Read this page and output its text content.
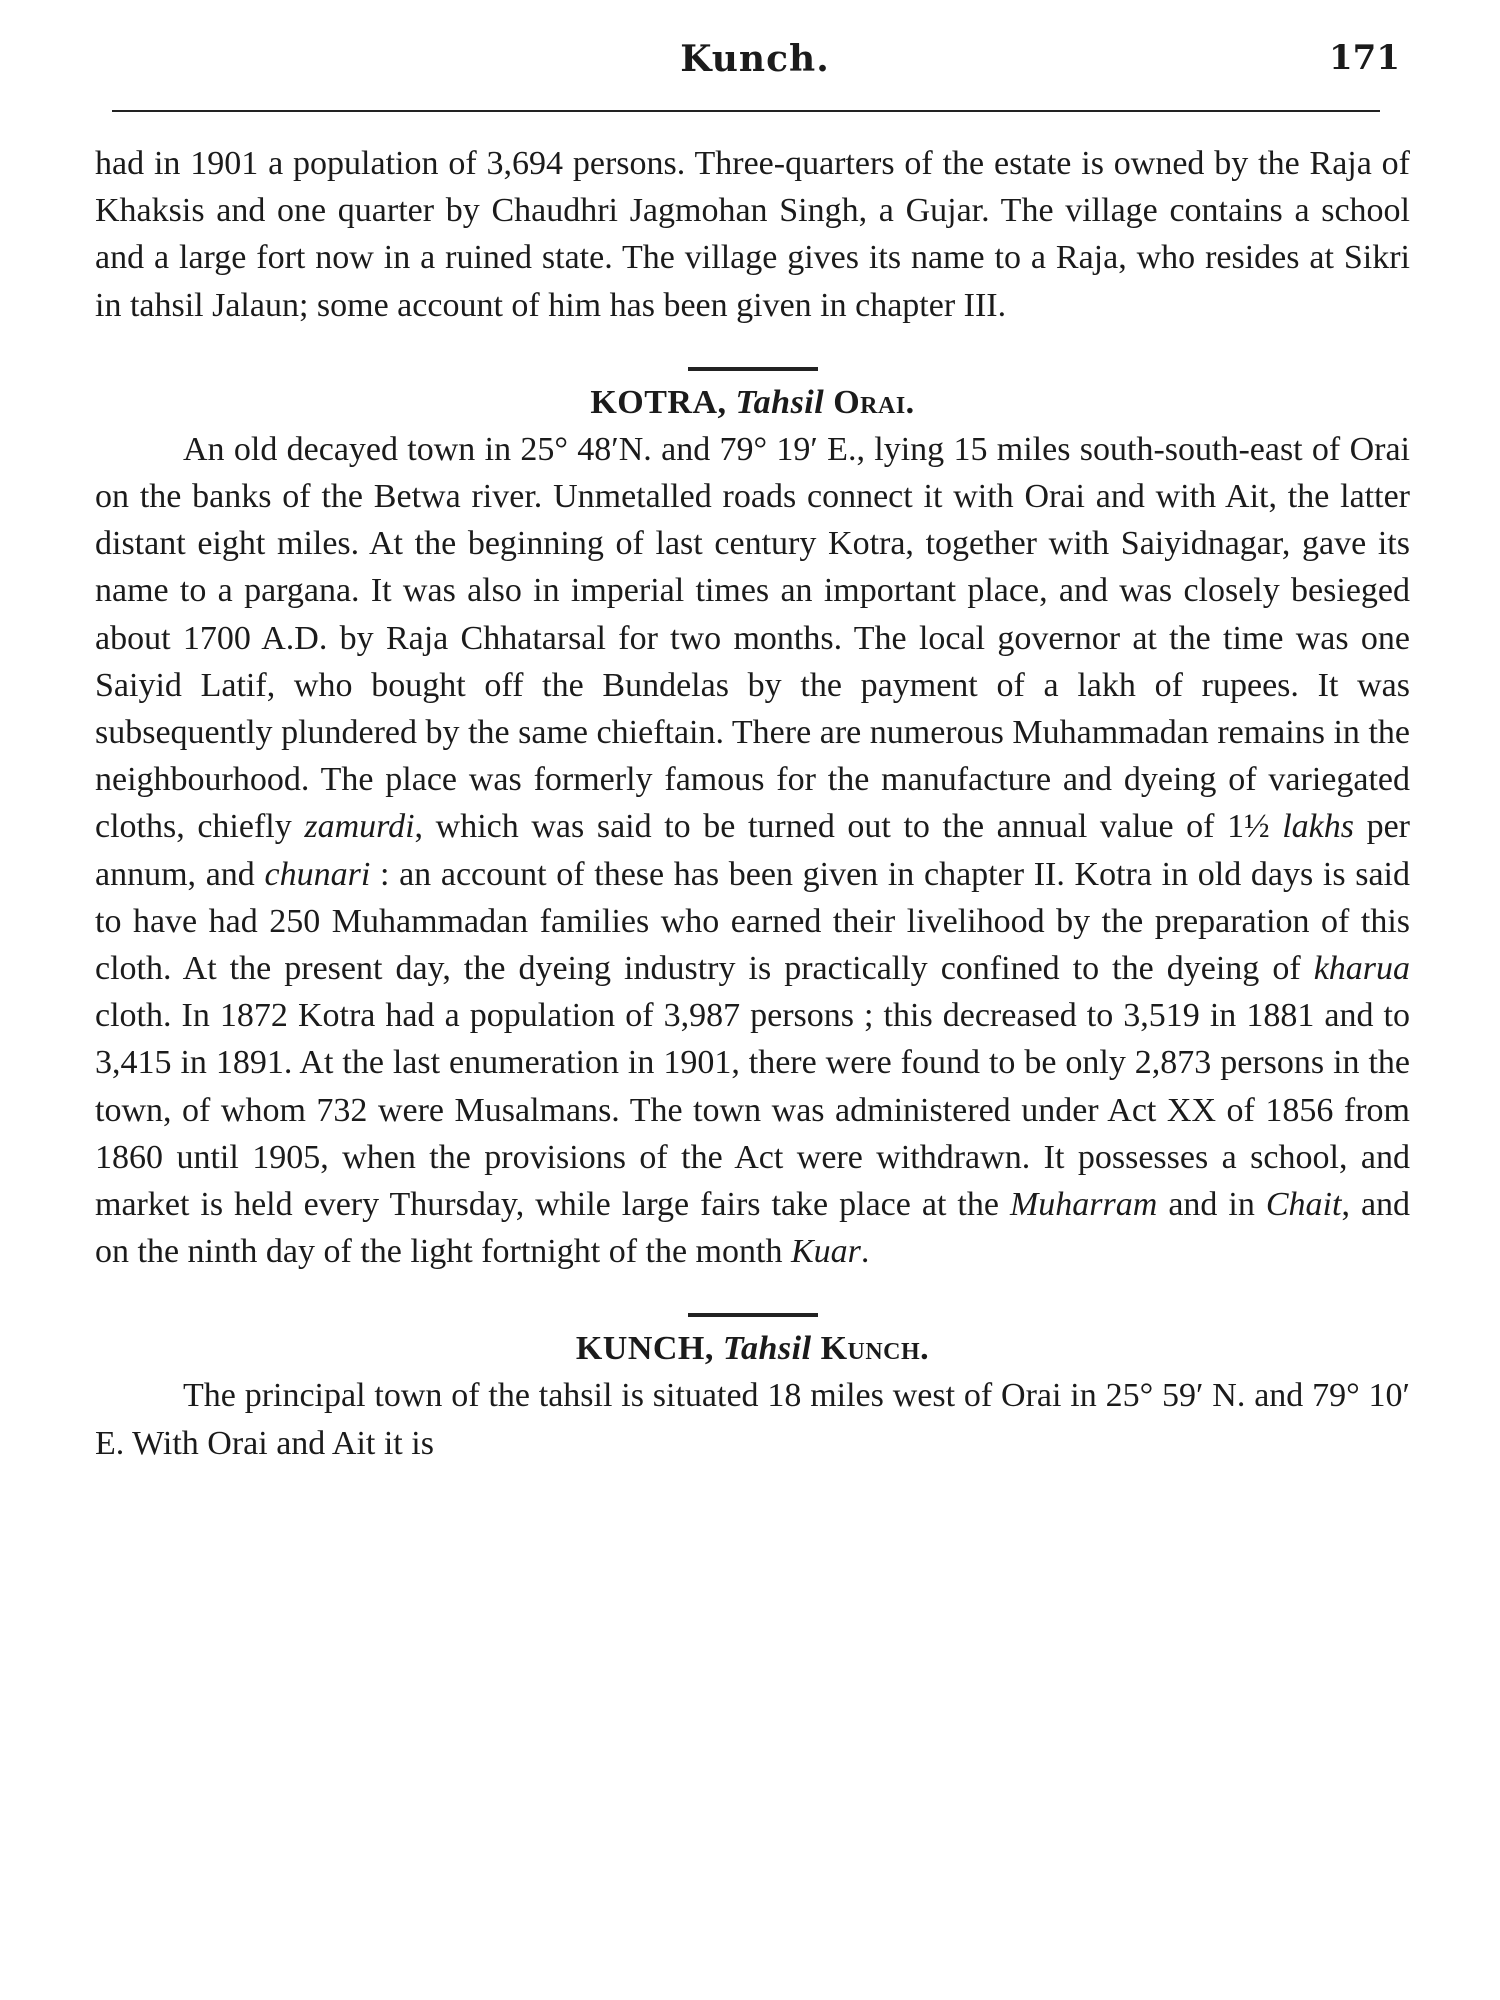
Kunch.	171

had in 1901 a population of 3,694 persons. Three-quarters of the estate is owned by the Raja of Khaksis and one quarter by Chaudhri Jagmohan Singh, a Gujar. The village contains a school and a large fort now in a ruined state. The village gives its name to a Raja, who resides at Sikri in tahsil Jalaun; some account of him has been given in chapter III.

KOTRA, Tahsil Orai.

An old decayed town in 25° 48′N. and 79° 19′ E., lying 15 miles south-south-east of Orai on the banks of the Betwa river. Unmetalled roads connect it with Orai and with Ait, the latter distant eight miles. At the beginning of last century Kotra, together with Saiyidnagar, gave its name to a pargana. It was also in imperial times an important place, and was closely besieged about 1700 A.D. by Raja Chhatarsal for two months. The local governor at the time was one Saiyid Latif, who bought off the Bundelas by the payment of a lakh of rupees. It was subsequently plundered by the same chieftain. There are numerous Muhammadan remains in the neighbourhood. The place was formerly famous for the manufacture and dyeing of variegated cloths, chiefly zamurdi, which was said to be turned out to the annual value of 1½ lakhs per annum, and chunari : an account of these has been given in chapter II. Kotra in old days is said to have had 250 Muhammadan families who earned their livelihood by the preparation of this cloth. At the present day, the dyeing industry is practically confined to the dyeing of kharua cloth. In 1872 Kotra had a population of 3,987 persons ; this decreased to 3,519 in 1881 and to 3,415 in 1891. At the last enumeration in 1901, there were found to be only 2,873 persons in the town, of whom 732 were Musalmans. The town was administered under Act XX of 1856 from 1860 until 1905, when the provisions of the Act were withdrawn. It possesses a school, and market is held every Thursday, while large fairs take place at the Muharram and in Chait, and on the ninth day of the light fortnight of the month Kuar.

KUNCH, Tahsil Kunch.

The principal town of the tahsil is situated 18 miles west of Orai in 25° 59′ N. and 79° 10′ E. With Orai and Ait it is
